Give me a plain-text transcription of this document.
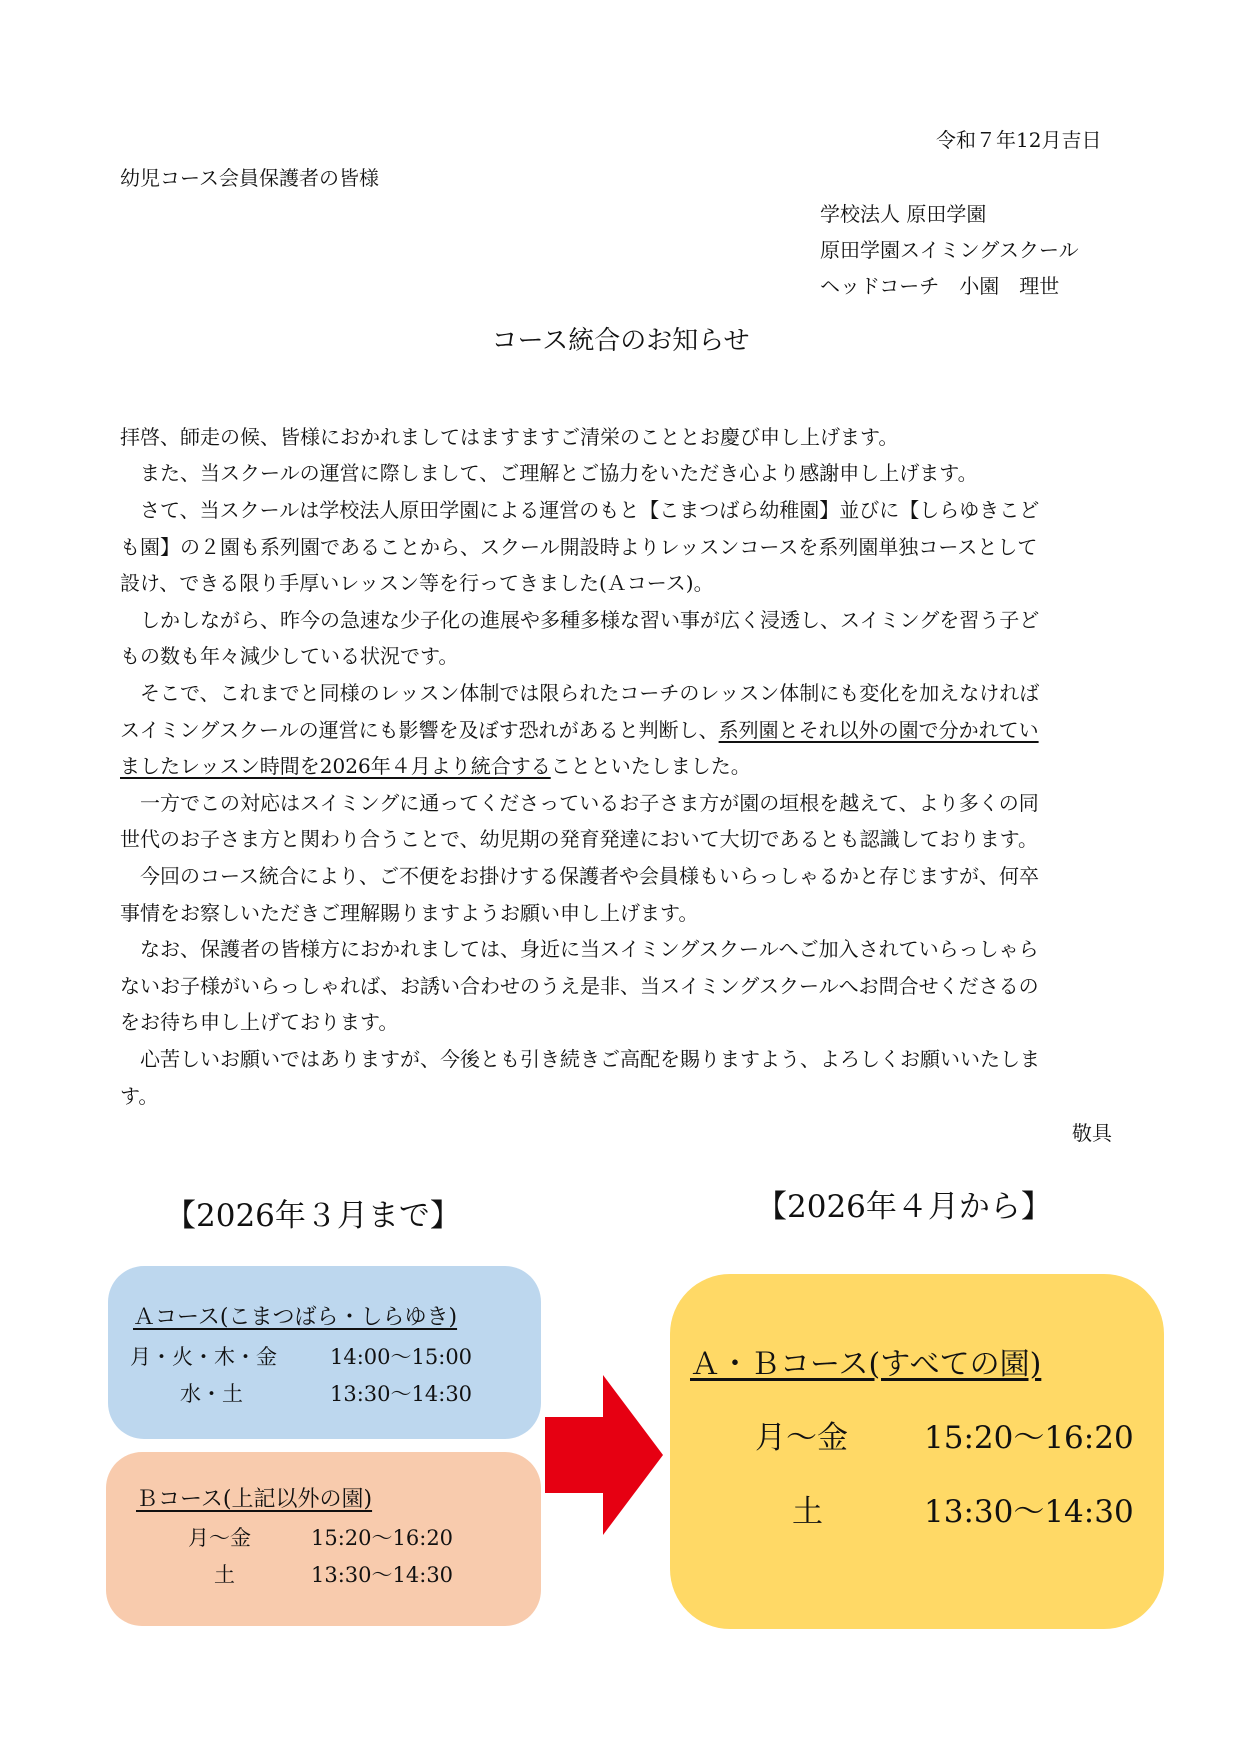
令和７年12月吉日
幼児コース会員保護者の皆様
学校法人 原田学園
原田学園スイミングスクール
ヘッドコーチ　小園　理世
コース統合のお知らせ
拝啓、師走の候、皆様におかれましてはますますご清栄のこととお慶び申し上げます。
また、当スクールの運営に際しまして、ご理解とご協力をいただき心より感謝申し上げます。
さて、当スクールは学校法人原田学園による運営のもと【こまつばら幼稚園】並びに【しらゆきこど
も園】の２園も系列園であることから、スクール開設時よりレッスンコースを系列園単独コースとして
設け、できる限り手厚いレッスン等を行ってきました(Ａコース)。
しかしながら、昨今の急速な少子化の進展や多種多様な習い事が広く浸透し、スイミングを習う子ど
もの数も年々減少している状況です。
そこで、これまでと同様のレッスン体制では限られたコーチのレッスン体制にも変化を加えなければ
スイミングスクールの運営にも影響を及ぼす恐れがあると判断し、系列園とそれ以外の園で分かれてい
ましたレッスン時間を2026年４月より統合することといたしました。
一方でこの対応はスイミングに通ってくださっているお子さま方が園の垣根を越えて、より多くの同
世代のお子さま方と関わり合うことで、幼児期の発育発達において大切であるとも認識しております。
今回のコース統合により、ご不便をお掛けする保護者や会員様もいらっしゃるかと存じますが、何卒
事情をお察しいただきご理解賜りますようお願い申し上げます。
なお、保護者の皆様方におかれましては、身近に当スイミングスクールへご加入されていらっしゃら
ないお子様がいらっしゃれば、お誘い合わせのうえ是非、当スイミングスクールへお問合せくださるの
をお待ち申し上げております。
心苦しいお願いではありますが、今後とも引き続きご高配を賜りますよう、よろしくお願いいたしま
す。
敬具
【2026年３月まで】	【2026年４月から】
Ａコース(こまつばら・しらゆき)
月・火・木・金	14:00～15:00
水・土	13:30～14:30
Ｂコース(上記以外の園)
月～金	15:20～16:20
土	13:30～14:30
Ａ・Ｂコース(すべての園)
月～金 15:20～16:20
土	13:30～14:30
